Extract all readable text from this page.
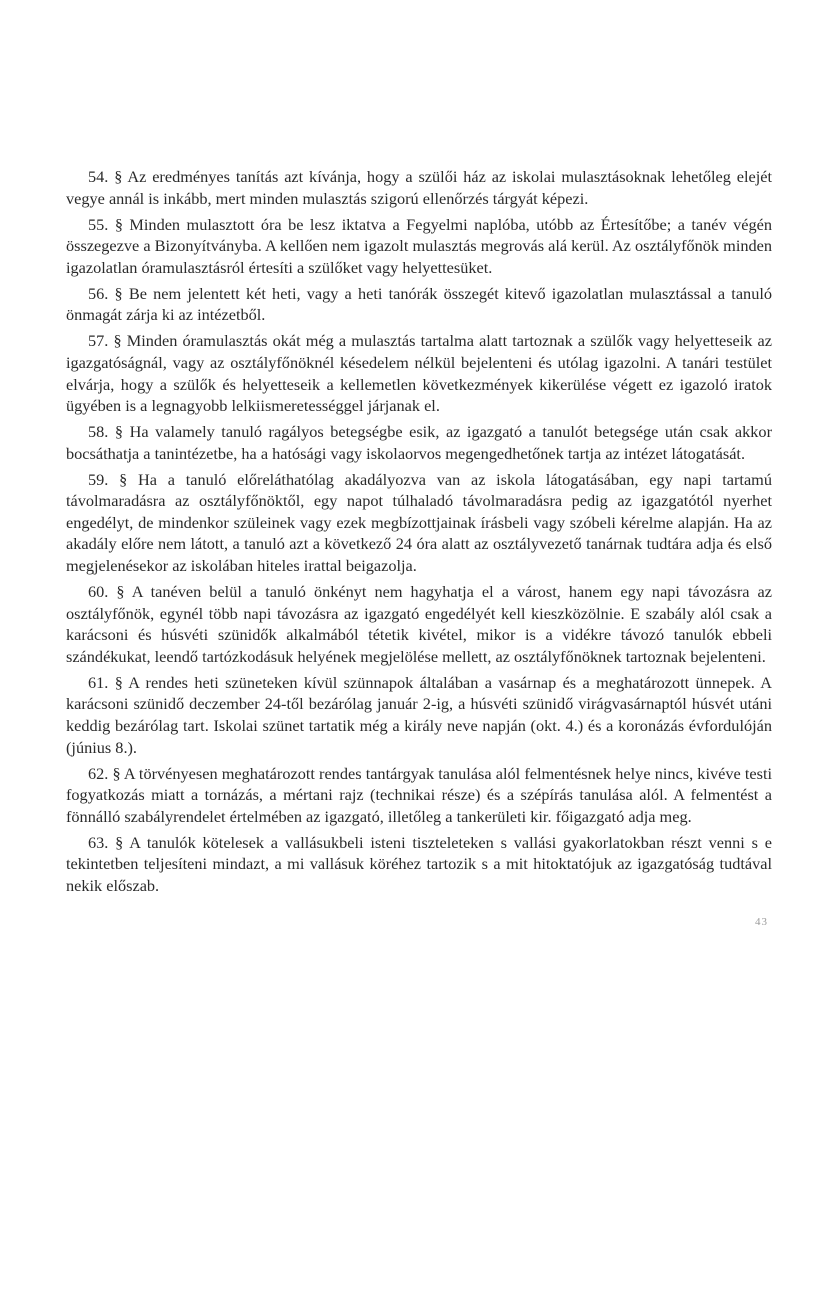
54. § Az eredményes tanítás azt kívánja, hogy a szülői ház az iskolai mulasztásoknak lehetőleg elejét vegye annál is inkább, mert minden mulasztás szigorú ellenőrzés tárgyát képezi.

55. § Minden mulasztott óra be lesz iktatva a Fegyelmi naplóba, utóbb az Értesítőbe; a tanév végén összegezve a Bizonyítványba. A kellően nem igazolt mulasztás megrovás alá kerül. Az osztályfőnök minden igazolatlan óramulasztásról értesíti a szülőket vagy helyettesüket.

56. § Be nem jelentett két heti, vagy a heti tanórák összegét kitevő igazolatlan mulasztással a tanuló önmagát zárja ki az intézetből.

57. § Minden óramulasztás okát még a mulasztás tartalma alatt tartoznak a szülők vagy helyetteseik az igazgatóságnál, vagy az osztályfőnöknél késedelem nélkül bejelenteni és utólag igazolni. A tanári testület elvárja, hogy a szülők és helyetteseik a kellemetlen következmények kikerülése végett ez igazoló iratok ügyében is a legnagyobb lelkiismeretességgel járjanak el.

58. § Ha valamely tanuló ragályos betegségbe esik, az igazgató a tanulót betegsége után csak akkor bocsáthatja a tanintézetbe, ha a hatósági vagy iskolaorvos megengedhetőnek tartja az intézet látogatását.

59. § Ha a tanuló előreláthatólag akadályozva van az iskola látogatásában, egy napi tartamú távolmaradásra az osztályfőnöktől, egy napot túlhaladó távolmaradásra pedig az igazgatótól nyerhet engedélyt, de mindenkor szüleinek vagy ezek megbízottjainak írásbeli vagy szóbeli kérelme alapján. Ha az akadály előre nem látott, a tanuló azt a következő 24 óra alatt az osztályvezető tanárnak tudtára adja és első megjelenésekor az iskolában hiteles irattal beigazolja.

60. § A tanéven belül a tanuló önkényt nem hagyhatja el a várost, hanem egy napi távozásra az osztályfőnök, egynél több napi távozásra az igazgató engedélyét kell kieszközölnie. E szabály alól csak a karácsoni és húsvéti szünidők alkalmából tétetik kivétel, mikor is a vidékre távozó tanulók ebbeli szándékukat, leendő tartózkodásuk helyének megjelölése mellett, az osztályfőnöknek tartoznak bejelenteni.

61. § A rendes heti szüneteken kívül szünnapok általában a vasárnap és a meghatározott ünnepek. A karácsoni szünidő deczember 24-től bezárólag január 2-ig, a húsvéti szünidő virágvasárnaptól húsvét utáni keddig bezárólag tart. Iskolai szünet tartatik még a király neve napján (okt. 4.) és a koronázás évfordulóján (június 8.).

62. § A törvényesen meghatározott rendes tantárgyak tanulása alól felmentésnek helye nincs, kivéve testi fogyatkozás miatt a tornázás, a mértani rajz (technikai része) és a szépírás tanulása alól. A felmentést a fönnálló szabályrendelet értelmében az igazgató, illetőleg a tankerületi kir. főigazgató adja meg.

63. § A tanulók kötelesek a vallásukbeli isteni tiszteleteken s vallási gyakorlatokban részt venni s e tekintetben teljesíteni mindazt, a mi vallásuk köréhez tartozik s a mit hitoktatójuk az igazgatóság tudtával nekik előszab.

43
